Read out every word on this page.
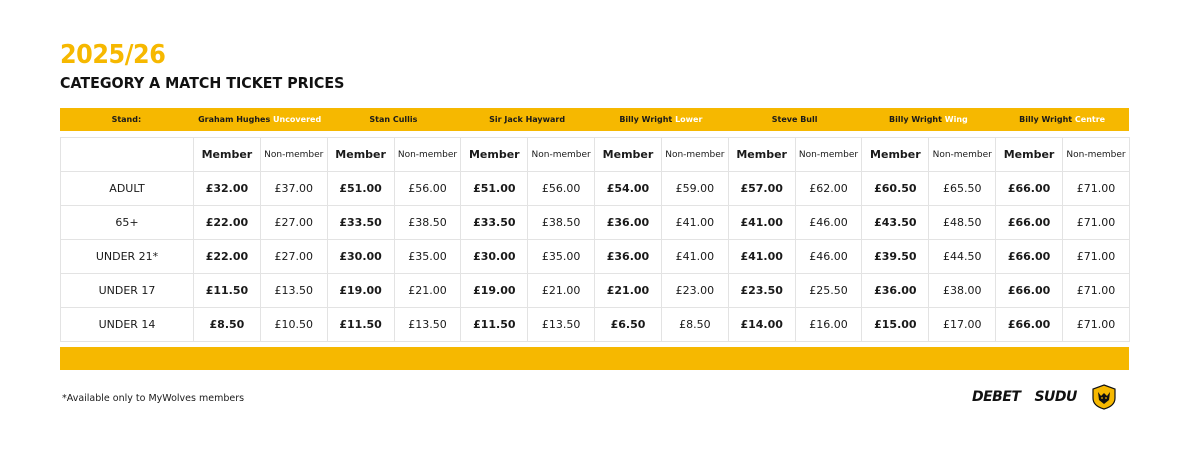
2025/26
CATEGORY A MATCH TICKET PRICES
Stand:	Graham Hughes Uncovered	Stan Cullis	Sir Jack Hayward	Billy Wright Lower	Steve Bull	Billy Wright Wing	Billy Wright Centre
	Member	Non-member	Member	Non-member	Member	Non-member	Member	Non-member	Member	Non-member	Member	Non-member	Member	Non-member
ADULT	£32.00	£37.00	£51.00	£56.00	£51.00	£56.00	£54.00	£59.00	£57.00	£62.00	£60.50	£65.50	£66.00	£71.00
65+	£22.00	£27.00	£33.50	£38.50	£33.50	£38.50	£36.00	£41.00	£41.00	£46.00	£43.50	£48.50	£66.00	£71.00
UNDER 21*	£22.00	£27.00	£30.00	£35.00	£30.00	£35.00	£36.00	£41.00	£41.00	£46.00	£39.50	£44.50	£66.00	£71.00
UNDER 17	£11.50	£13.50	£19.00	£21.00	£19.00	£21.00	£21.00	£23.00	£23.50	£25.50	£36.00	£38.00	£66.00	£71.00
UNDER 14	£8.50	£10.50	£11.50	£13.50	£11.50	£13.50	£6.50	£8.50	£14.00	£16.00	£15.00	£17.00	£66.00	£71.00
*Available only to MyWolves members	DEBET SUDU
